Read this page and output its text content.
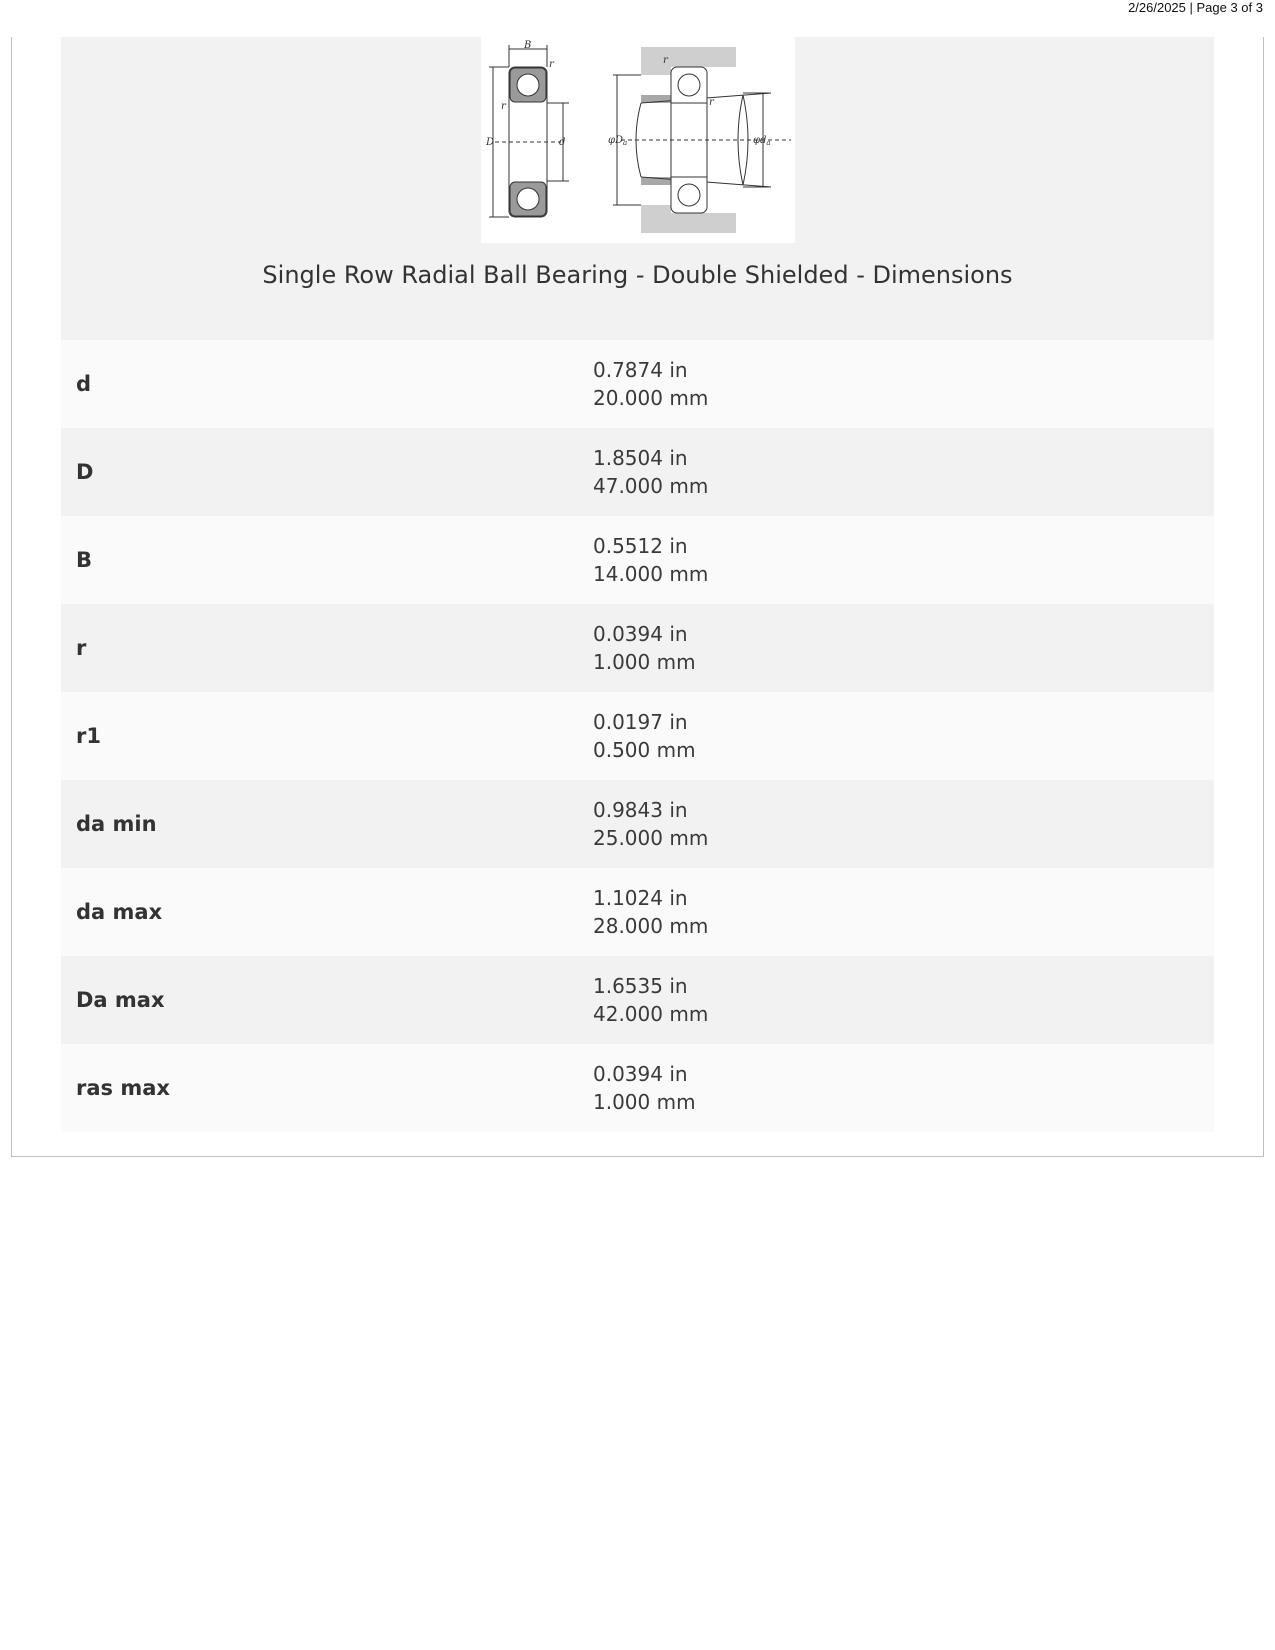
2/26/2025 | Page 3 of 3
B
r
r
D	d
r
r
$\varphi D_a$	$\varphi d_a$
Single Row Radial Ball Bearing - Double Shielded - Dimensions
d
0.7874 in
20.000 mm
D
1.8504 in
47.000 mm
B
0.5512 in
14.000 mm
r
0.0394 in
1.000 mm
r1
0.0197 in
0.500 mm
da min
0.9843 in
25.000 mm
da max
1.1024 in
28.000 mm
Da max
1.6535 in
42.000 mm
ras max
0.0394 in
1.000 mm
